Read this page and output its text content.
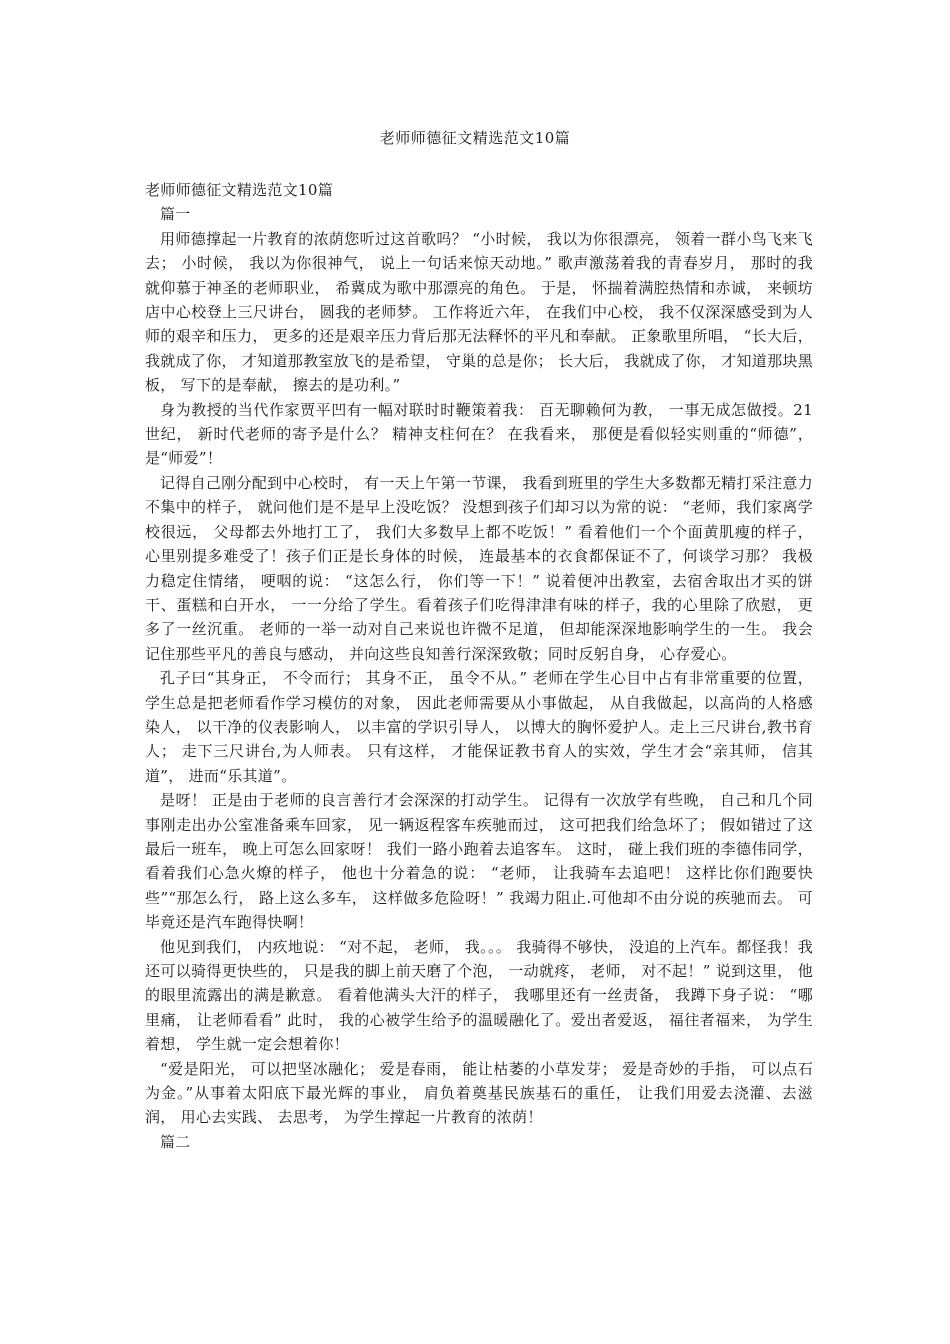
老师师德征文精选范文10篇

老师师德征文精选范文10篇

篇一

用师德撑起一片教育的浓荫您听过这首歌吗？ “小时候， 我以为你很漂亮， 领着一群小鸟飞来飞去； 小时候， 我以为你很神气， 说上一句话来惊天动地。” 歌声激荡着我的青春岁月， 那时的我就仰慕于神圣的老师职业， 希冀成为歌中那漂亮的角色。 于是， 怀揣着满腔热情和赤诚， 来顿坊店中心校登上三尺讲台， 圆我的老师梦。 工作将近六年， 在我们中心校， 我不仅深深感受到为人师的艰辛和压力， 更多的还是艰辛压力背后那无法释怀的平凡和奉献。 正象歌里所唱， “长大后， 我就成了你， 才知道那教室放飞的是希望， 守巢的总是你； 长大后， 我就成了你， 才知道那块黑板， 写下的是奉献， 擦去的是功利。”

身为教授的当代作家贾平凹有一幅对联时时鞭策着我： 百无聊赖何为教， 一事无成怎做授。21 世纪， 新时代老师的寄予是什么？ 精神支柱何在？ 在我看来， 那便是看似轻实则重的“师德”， 是“师爱”！

记得自己刚分配到中心校时， 有一天上午第一节课， 我看到班里的学生大多数都无精打采注意力不集中的样子， 就问他们是不是早上没吃饭？ 没想到孩子们却习以为常的说： “老师，我们家离学校很远， 父母都去外地打工了， 我们大多数早上都不吃饭！” 看着他们一个个面黄肌瘦的样子， 心里别提多难受了！孩子们正是长身体的时候， 连最基本的衣食都保证不了，何谈学习那？ 我极力稳定住情绪， 哽咽的说： “这怎么行， 你们等一下！” 说着便冲出教室，去宿舍取出才买的饼干、蛋糕和白开水， 一一分给了学生。看着孩子们吃得津津有味的样子，我的心里除了欣慰， 更多了一丝沉重。 老师的一举一动对自己来说也许微不足道， 但却能深深地影响学生的一生。 我会记住那些平凡的善良与感动， 并向这些良知善行深深致敬；同时反躬自身， 心存爱心。

孔子曰“其身正， 不令而行； 其身不正， 虽令不从。” 老师在学生心目中占有非常重要的位置， 学生总是把老师看作学习模仿的对象， 因此老师需要从小事做起， 从自我做起，以高尚的人格感染人， 以干净的仪表影响人， 以丰富的学识引导人， 以博大的胸怀爱护人。走上三尺讲台,教书育人； 走下三尺讲台,为人师表。 只有这样， 才能保证教书育人的实效，学生才会“亲其师， 信其道”， 进而“乐其道”。

是呀！ 正是由于老师的良言善行才会深深的打动学生。 记得有一次放学有些晚， 自己和几个同事刚走出办公室准备乘车回家， 见一辆返程客车疾驰而过， 这可把我们给急坏了； 假如错过了这最后一班车， 晚上可怎么回家呀！ 我们一路小跑着去追客车。 这时， 碰上我们班的李德伟同学， 看着我们心急火燎的样子， 他也十分着急的说： “老师， 让我骑车去追吧！ 这样比你们跑要快些”“那怎么行， 路上这么多车， 这样做多危险呀！” 我竭力阻止.可他却不由分说的疾驰而去。 可毕竟还是汽车跑得快啊！

他见到我们， 内疚地说： “对不起， 老师， 我。。。 我骑得不够快， 没追的上汽车。都怪我！我还可以骑得更快些的， 只是我的脚上前天磨了个泡， 一动就疼， 老师， 对不起！” 说到这里， 他的眼里流露出的满是歉意。 看着他满头大汗的样子， 我哪里还有一丝责备， 我蹲下身子说： “哪里痛， 让老师看看” 此时， 我的心被学生给予的温暖融化了。爱出者爱返， 福往者福来， 为学生着想， 学生就一定会想着你！

“爱是阳光， 可以把坚冰融化； 爱是春雨， 能让枯萎的小草发芽； 爱是奇妙的手指， 可以点石为金。”从事着太阳底下最光辉的事业， 肩负着奠基民族基石的重任， 让我们用爱去浇灌、去滋润， 用心去实践、 去思考， 为学生撑起一片教育的浓荫！

篇二
